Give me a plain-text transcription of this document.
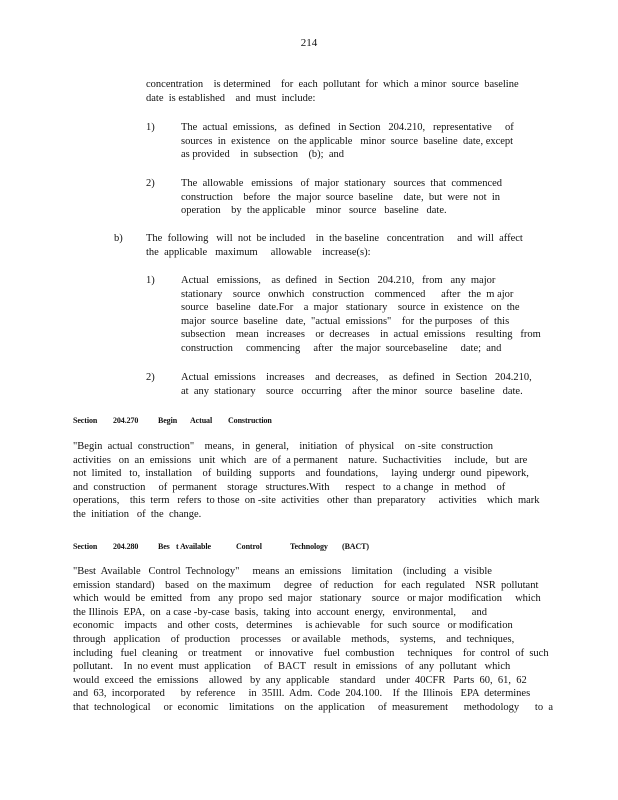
214
concentration    is determined    for  each  pollutant  for  which  a minor  source  baseline
date  is established    and  must  include:
1)	The  actual  emissions,   as  defined   in Section   204.210,   representative     of
sources  in  existence   on  the applicable   minor  source  baseline  date, except
as provided    in  subsection    (b);  and
2)	The  allowable   emissions   of  major  stationary   sources  that  commenced
construction    before   the  major  source  baseline    date,  but  were  not  in
operation    by  the applicable    minor   source   baseline   date.
b) The  following   will  not  be included    in  the baseline   concentration     and  will  affect
the  applicable   maximum     allowable    increase(s):
1)	Actual   emissions,    as  defined   in  Section   204.210,   from   any  major
stationary    source   onwhich   construction    commenced      after   the  m ajor
source   baseline   date.For    a  major   stationary    source  in  existence   on  the
major  source  baseline   date,  "actual  emissions"    for  the purposes   of  this
subsection    mean   increases    or  decreases    in  actual  emissions    resulting   from
construction     commencing     after   the major  sourcebaseline     date;  and
2)	Actual  emissions    increases    and  decreases,    as  defined   in  Section   204.210,
at  any  stationary    source   occurring    after  the minor   source   baseline   date.
Section 204.270 Begin Actual Construction
"Begin  actual  construction"    means,   in  general,    initiation   of  physical    on -site  construction
activities   on  an  emissions   unit  which   are  of  a permanent    nature.  Suchactivities     include,   but  are
not  limited   to,  installation    of  building   supports    and  foundations,     laying  undergr  ound  pipework,
and  construction     of  permanent    storage   structures.With      respect   to  a change   in  method    of
operations,    this  term   refers  to those  on -site  activities   other  than  preparatory     activities    which  mark
the  initiation   of  the  change.
Section 204.280 Bes t Available	Control	Technology (BACT)
"Best  Available   Control  Technology"     means  an  emissions    limitation    (including   a  visible
emission  standard)    based   on  the maximum     degree   of  reduction    for  each  regulated    NSR  pollutant
which  would  be  emitted   from   any  propo  sed  major   stationary    source   or major  modification     which
the Illinois  EPA,  on  a case -by-case  basis,  taking  into  account  energy,   environmental,      and
economic    impacts    and  other  costs,   determines     is achievable    for  such  source   or modification
through   application    of  production    processes    or available    methods,    systems,    and  techniques,
including   fuel  cleaning    or  treatment     or  innovative    fuel  combustion     techniques    for  control  of  such
pollutant.    In  no event  must  application     of  BACT   result  in  emissions   of  any  pollutant   which
would  exceed  the  emissions    allowed   by  any  applicable    standard    under  40CFR   Parts  60,  61,  62
and  63,  incorporated      by  reference     in  35Ill.  Adm.  Code  204.100.    If  the  Illinois   EPA  determines
that  technological     or  economic    limitations    on  the  application     of  measurement      methodology      to  a
